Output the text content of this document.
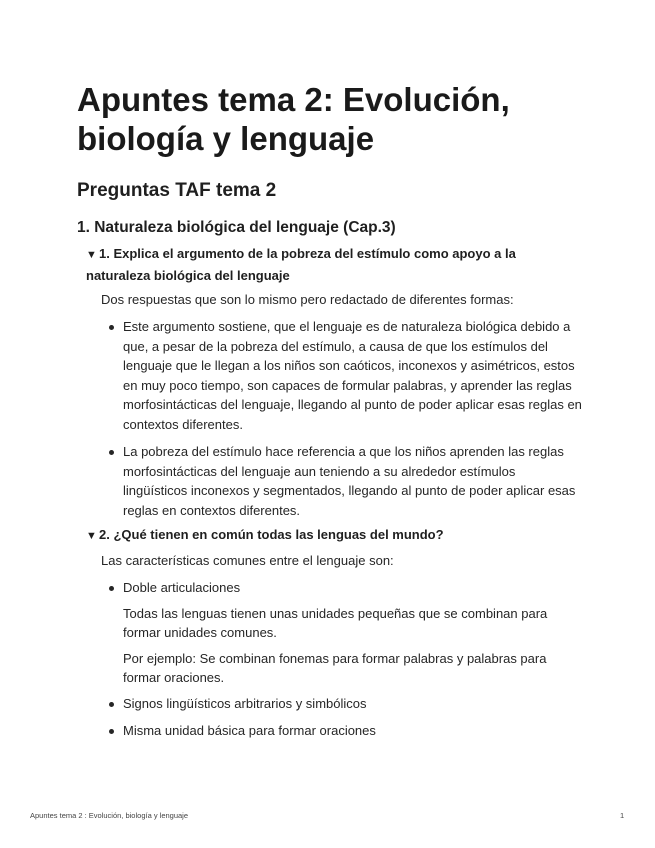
Apuntes tema 2: Evolución,
biología y lenguaje
Preguntas TAF tema 2
1. Naturaleza biológica del lenguaje (Cap.3)
▼ 1. Explica el argumento de la pobreza del estímulo como apoyo a la
naturaleza biológica del lenguaje

Dos respuestas que son lo mismo pero redactado de diferentes formas:

Este argumento sostiene, que el lenguaje es de naturaleza biológica debido a
que, a pesar de la pobreza del estímulo, a causa de que los estímulos del
lenguaje que le llegan a los niños son caóticos, inconexos y asimétricos, estos
en muy poco tiempo, son capaces de formular palabras, y aprender las reglas
morfosintácticas del lenguaje, llegando al punto de poder aplicar esas reglas en
contextos diferentes.
La pobreza del estímulo hace referencia a que los niños aprenden las reglas
morfosintácticas del lenguaje aun teniendo a su alrededor estímulos
lingüísticos inconexos y segmentados, llegando al punto de poder aplicar esas
reglas en contextos diferentes.
▼ 2. ¿Qué tienen en común todas las lenguas del mundo?

Las características comunes entre el lenguaje son:

Doble articulaciones
Todas las lenguas tienen unas unidades pequeñas que se combinan para
formar unidades comunes.
Por ejemplo: Se combinan fonemas para formar palabras y palabras para
formar oraciones.
Signos lingüísticos arbitrarios y simbólicos
Misma unidad básica para formar oraciones
Apuntes tema 2 : Evolución, biología y lenguaje	1
